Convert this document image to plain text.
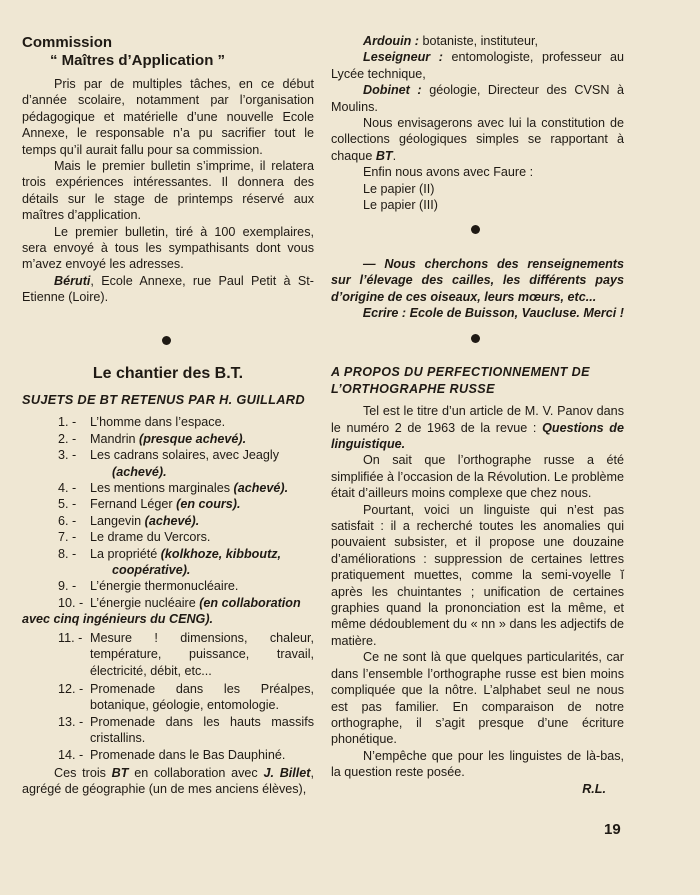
Commission
“ Maîtres d’Application ”

Pris par de multiples tâches, en ce début d’année scolaire, notamment par l’organisation pédagogique et matérielle d’une nouvelle Ecole Annexe, le responsable n’a pu sacrifier tout le temps qu’il aurait fallu pour sa commission.

Mais le premier bulletin s’imprime, il relatera trois expériences intéressantes. Il donnera des détails sur le stage de printemps réservé aux maîtres d’application.

Le premier bulletin, tiré à 100 exemplaires, sera envoyé à tous les sympathisants dont vous m’avez envoyé les adresses.

Béruti, Ecole Annexe, rue Paul Petit à St-Etienne (Loire).

Le chantier des B.T.
SUJETS DE BT RETENUS PAR H. GUILLARD
1. -	L’homme dans l’espace.
2. -	Mandrin (presque achevé).
3. -	Les cadrans solaires, avec Jeagly
(achevé).
4. -	Les mentions marginales (achevé).
5. -	Fernand Léger (en cours).
6. -	Langevin (achevé).
7. -	Le drame du Vercors.
8. -	La propriété (kolkhoze, kibboutz,
coopérative).
9. -	L’énergie thermonucléaire.
10. - L’énergie nucléaire (en collaboration
avec cinq ingénieurs du CENG).
11. - Mesure ! dimensions, chaleur, température, puissance, travail, électricité, débit, etc...
12. - Promenade dans les Préalpes, botanique, géologie, entomologie.
13. - Promenade dans les hauts massifs cristallins.
14. - Promenade dans le Bas Dauphiné.

Ces trois BT en collaboration avec J. Billet, agrégé de géographie (un de mes anciens élèves),

Ardouin : botaniste, instituteur,

Leseigneur : entomologiste, professeur au Lycée technique,

Dobinet : géologie, Directeur des CVSN à Moulins.

Nous envisagerons avec lui la constitution de collections géologiques simples se rapportant à chaque BT.

Enfin nous avons avec Faure :

Le papier (II)

Le papier (III)

— Nous cherchons des renseignements sur l’élevage des cailles, les différents pays d’origine de ces oiseaux, leurs mœurs, etc...

Ecrire : Ecole de Buisson, Vaucluse. Merci !

A PROPOS DU PERFECTIONNEMENT DE L’ORTHOGRAPHE RUSSE

Tel est le titre d’un article de M. V. Panov dans le numéro 2 de 1963 de la revue : Questions de linguistique.

On sait que l’orthographe russe a été simplifiée à l’occasion de la Révolution. Le problème était d’ailleurs moins complexe que chez nous.

Pourtant, voici un linguiste qui n’est pas satisfait : il a recherché toutes les anomalies qui pouvaient subsister, et il propose une douzaine d’améliorations : suppression de certaines lettres pratiquement muettes, comme la semi-voyelle ĭ après les chuintantes ; unification de certaines graphies quand la prononciation est la même, et même dédoublement du « nn » dans les adjectifs de matière.

Ce ne sont là que quelques particularités, car dans l’ensemble l’orthographe russe est bien moins compliquée que la nôtre. L’alphabet seul ne nous est pas familier. En comparaison de notre orthographe, il s’agit presque d’une écriture phonétique.

N’empêche que pour les linguistes de là-bas, la question reste posée.

R.L.

19
